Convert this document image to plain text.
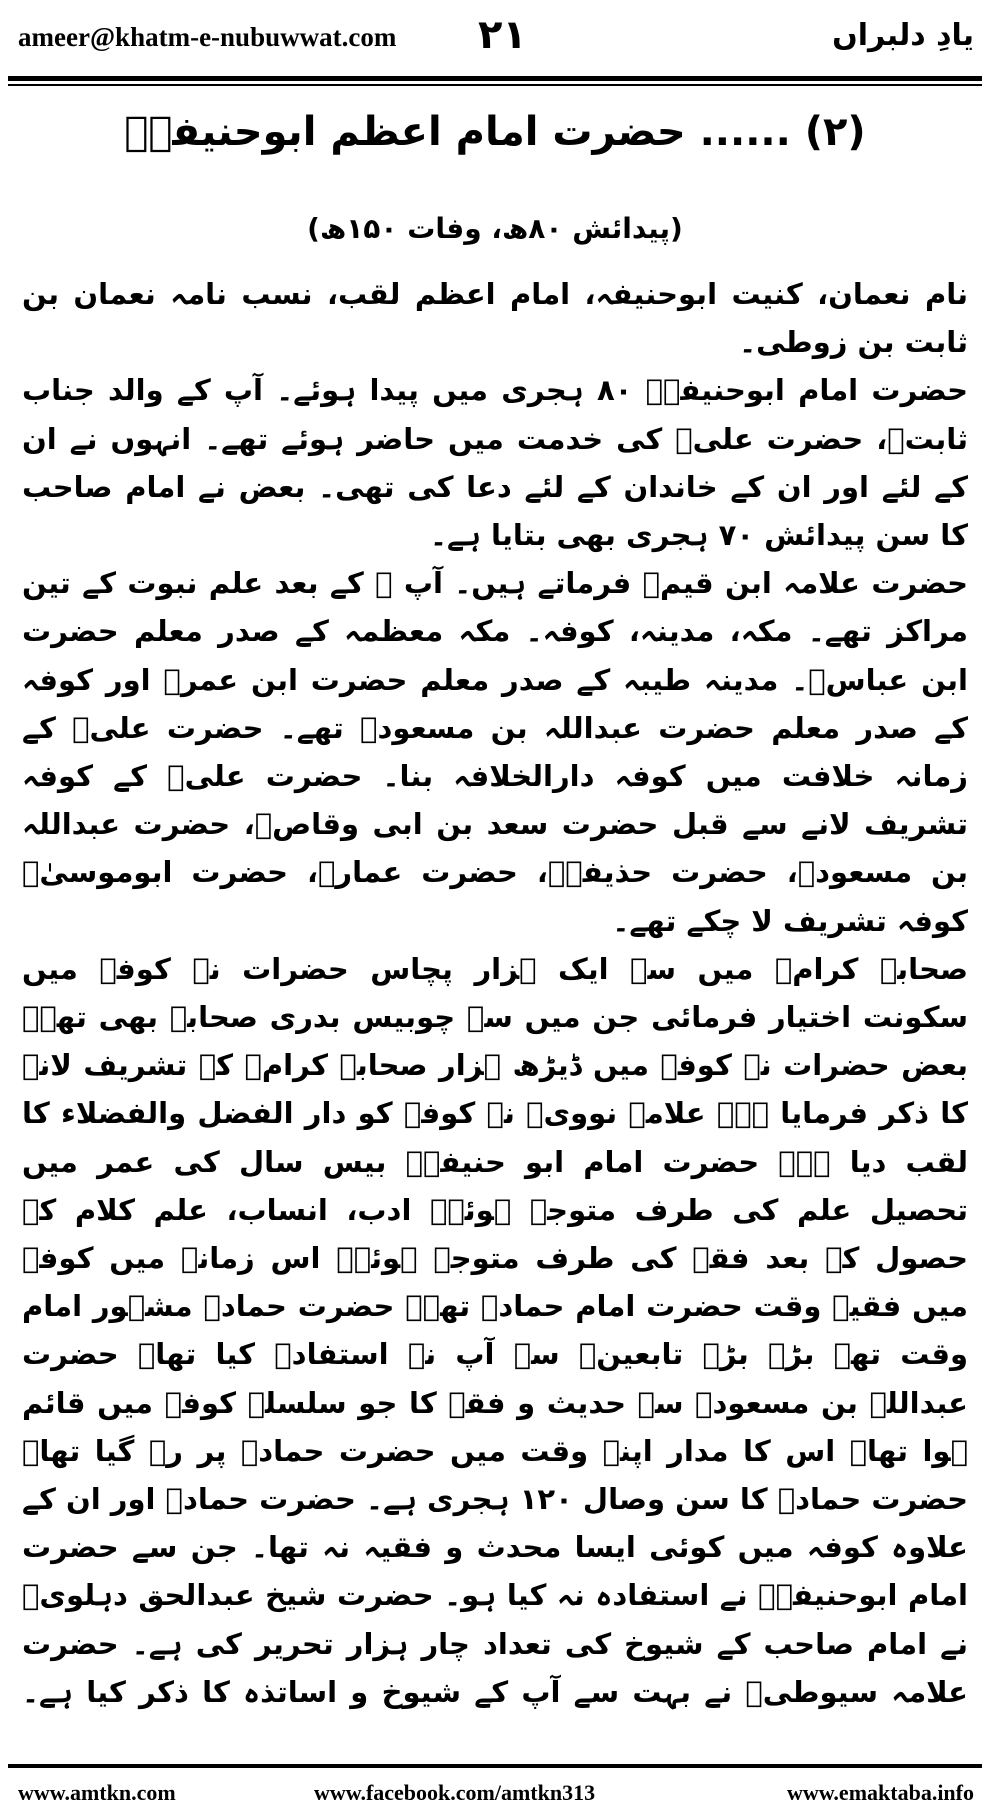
ameer@khatm-e-nubuwwat.com ۲۱	یادِ دلبراں
(۲) ...... حضرت امام اعظم ابوحنیفہؒ
(پیدائش ۸۰ھ، وفات ۱۵۰ھ)

نام نعمان، کنیت ابوحنیفہ، امام اعظم لقب، نسب نامہ نعمان بن ثابت بن زوطی۔

حضرت امام ابوحنیفہؒ ۸۰ ہجری میں پیدا ہوئے۔ آپ کے والد جناب ثابتؒ، حضرت علیؓ کی خدمت میں حاضر ہوئے تھے۔ انہوں نے ان کے لئے اور ان کے خاندان کے لئے دعا کی تھی۔ بعض نے امام صاحب کا سن پیدائش ۷۰ ہجری بھی بتایا ہے۔

حضرت علامہ ابن قیمؒ فرماتے ہیں۔ آپ ﷺ کے بعد علم نبوت کے تین مراکز تھے۔ مکہ، مدینہ، کوفہ۔ مکہ معظمہ کے صدر معلم حضرت ابن عباسؓ۔ مدینہ طیبہ کے صدر معلم حضرت ابن عمرؓ اور کوفہ کے صدر معلم حضرت عبداللہ بن مسعودؓ تھے۔ حضرت علیؓ کے زمانہ خلافت میں کوفہ دارالخلافہ بنا۔ حضرت علیؓ کے کوفہ تشریف لانے سے قبل حضرت سعد بن ابی وقاصؓ، حضرت عبداللہ بن مسعودؓ، حضرت حذیفہؓ، حضرت عمارؓ، حضرت ابوموسیٰؓ کوفہ تشریف لا چکے تھے۔

صحابہ کرامؓ میں سے ایک ہزار پچاس حضرات نے کوفہ میں سکونت اختیار فرمائی جن میں سے چوبیس بدری صحابہ بھی تھے۔ بعض حضرات نے کوفہ میں ڈیڑھ ہزار صحابہ کرامؓ کے تشریف لانے کا ذکر فرمایا ہے۔ علامہ نوویؒ نے کوفہ کو دار الفضل والفضلاء کا لقب دیا ہے۔ حضرت امام ابو حنیفہؒ بیس سال کی عمر میں تحصیل علم کی طرف متوجہ ہوئے۔ ادب، انساب، علم کلام کے حصول کے بعد فقہ کی طرف متوجہ ہوئے۔ اس زمانہ میں کوفہ میں فقیہ وقت حضرت امام حمادؒ تھے۔ حضرت حمادؒ مشہور امام وقت تھے بڑے بڑے تابعینؒ سے آپ نے استفادہ کیا تھا۔ حضرت عبداللہ بن مسعودؓ سے حدیث و فقہ کا جو سلسلہ کوفہ میں قائم ہوا تھا۔ اس کا مدار اپنے وقت میں حضرت حمادؒ پر رہ گیا تھا۔ حضرت حمادؒ کا سن وصال ۱۲۰ ہجری ہے۔ حضرت حمادؒ اور ان کے علاوہ کوفہ میں کوئی ایسا محدث و فقیہ نہ تھا۔ جن سے حضرت امام ابوحنیفہؒ نے استفادہ نہ کیا ہو۔ حضرت شیخ عبدالحق دہلویؒ نے امام صاحب کے شیوخ کی تعداد چار ہزار تحریر کی ہے۔ حضرت علامہ سیوطیؒ نے بہت سے آپ کے شیوخ و اساتذہ کا ذکر کیا ہے۔

www.amtkn.com	www.facebook.com/amtkn313	www.emaktaba.info
